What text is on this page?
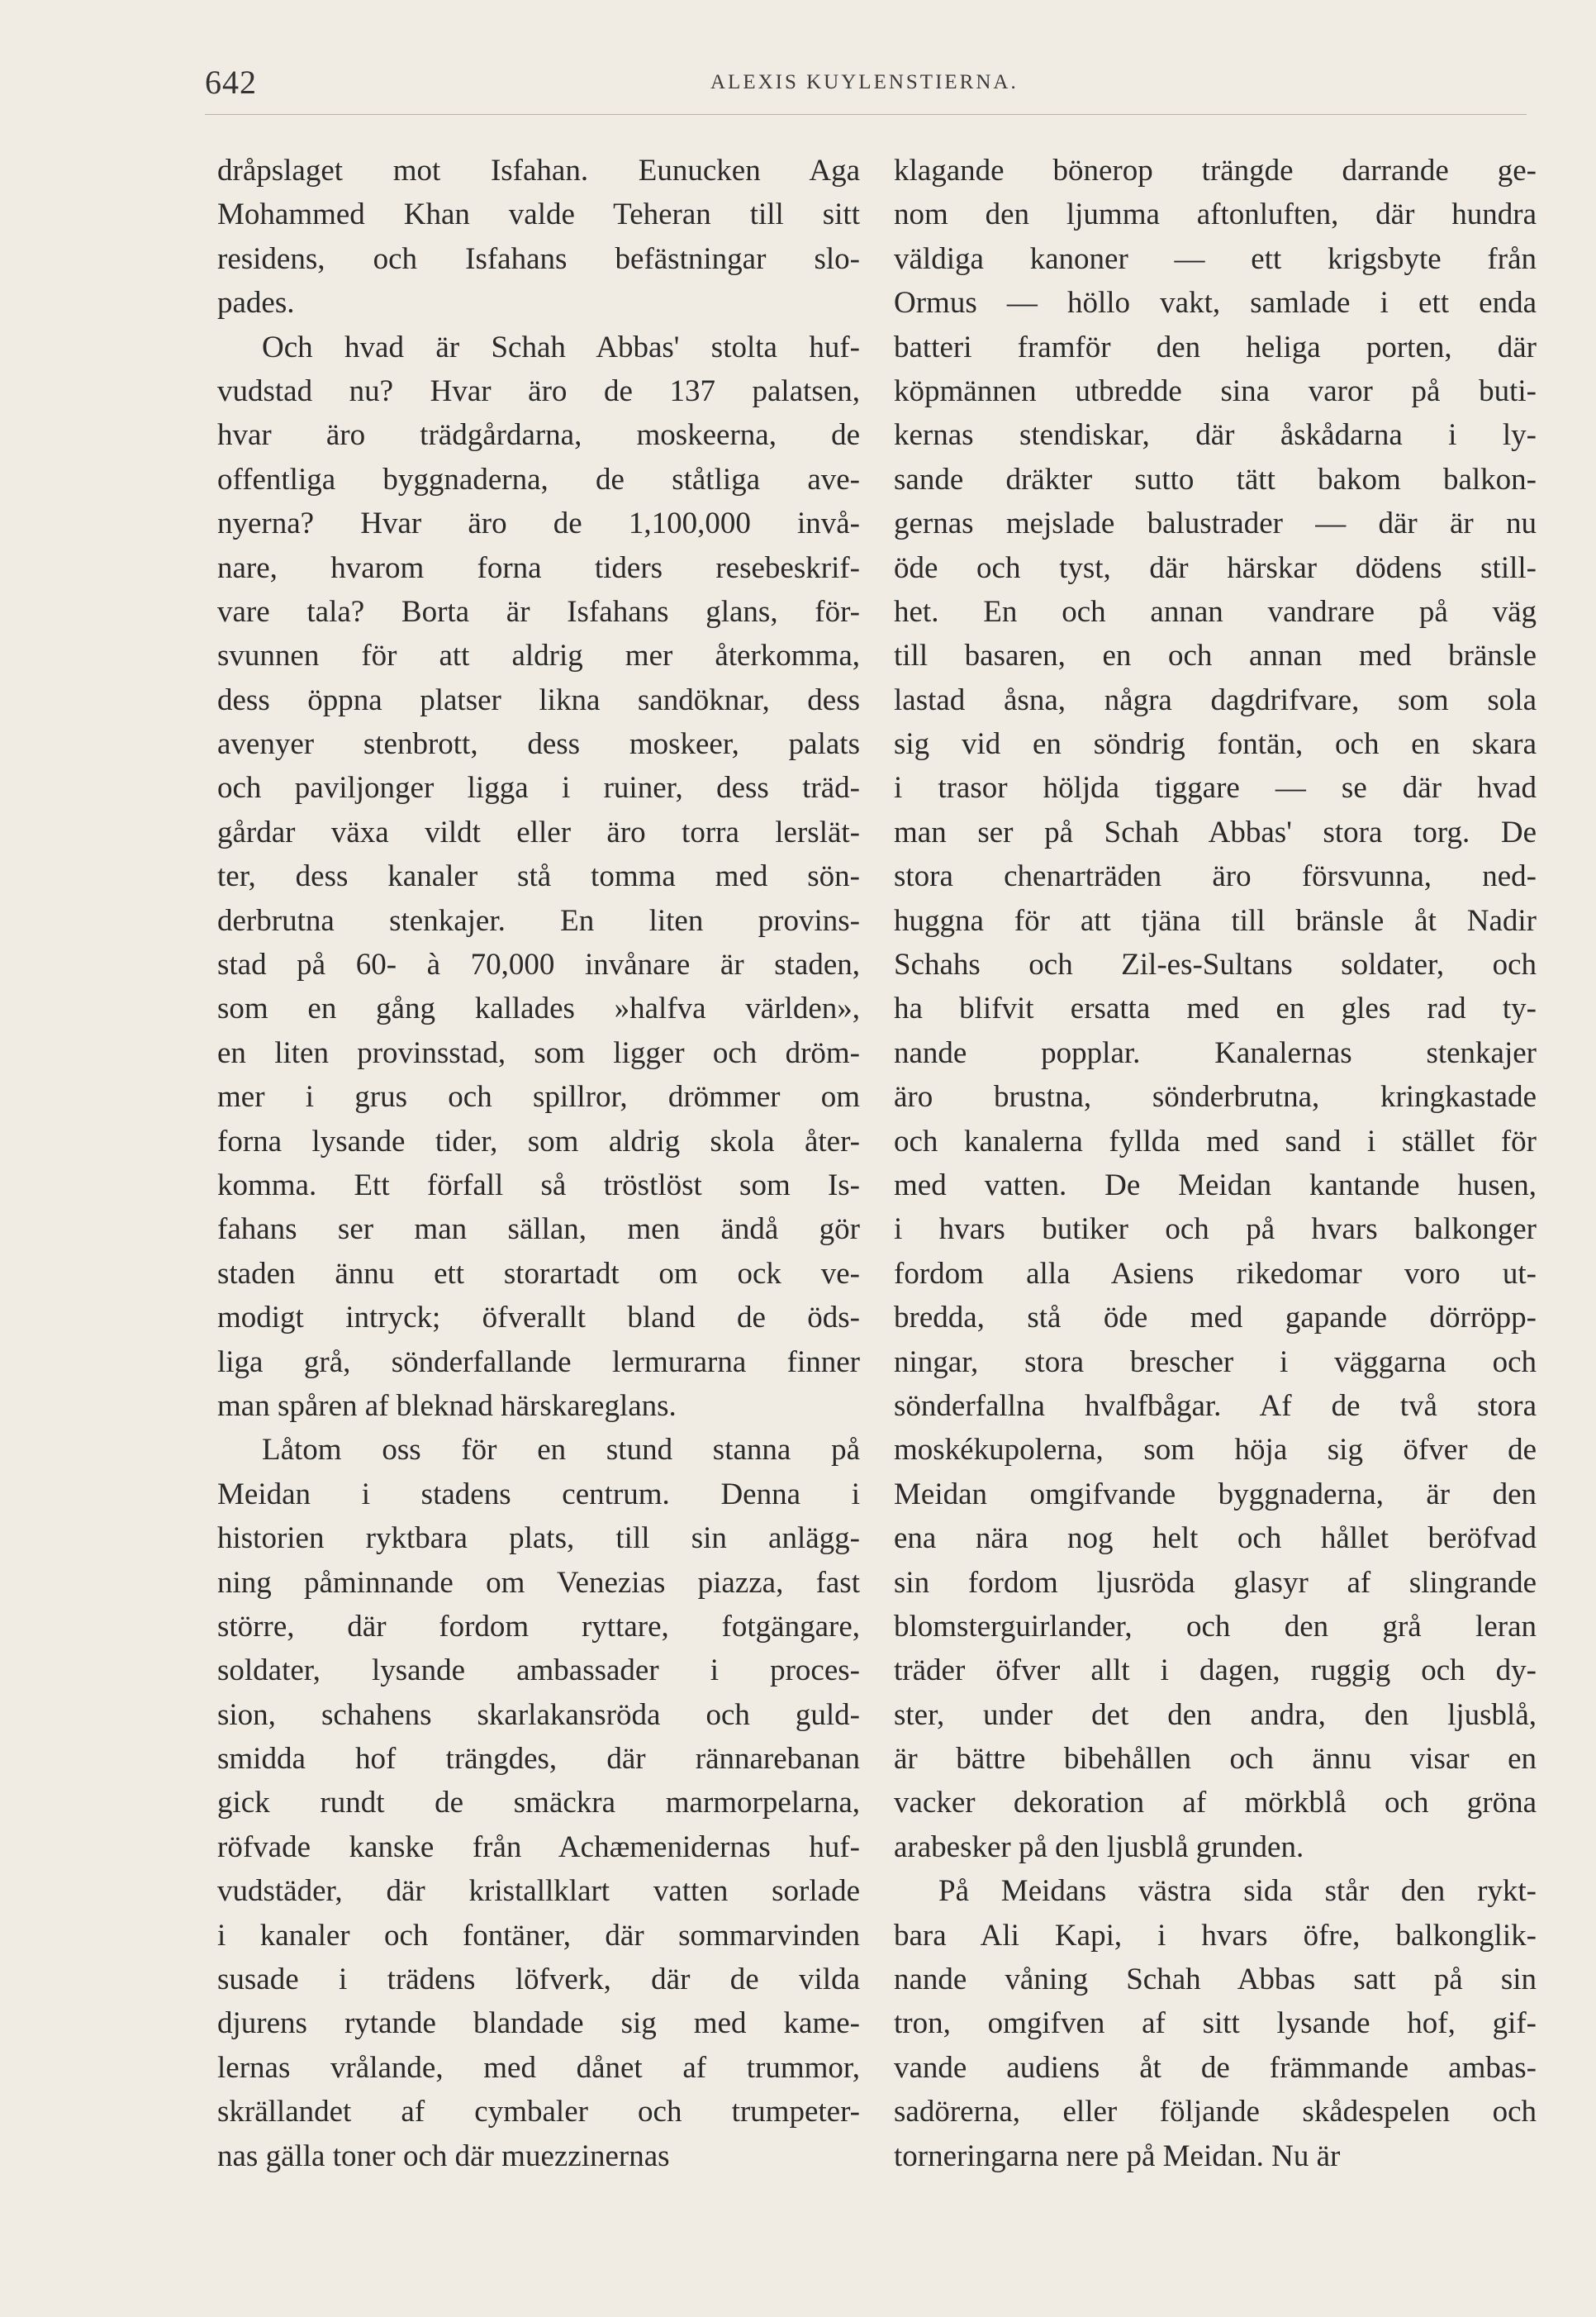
642	ALEXIS KUYLENSTIERNA.
dråpslaget mot Isfahan. Eunucken Aga
Mohammed Khan valde Teheran till sitt
residens, och Isfahans befästningar slo-
pades.
Och hvad är Schah Abbas' stolta huf-
vudstad nu? Hvar äro de 137 palatsen,
hvar äro trädgårdarna, moskeerna, de
offentliga byggnaderna, de ståtliga ave-
nyerna? Hvar äro de 1,100,000 invå-
nare, hvarom forna tiders resebeskrif-
vare tala? Borta är Isfahans glans, för-
svunnen för att aldrig mer återkomma,
dess öppna platser likna sandöknar, dess
avenyer stenbrott, dess moskeer, palats
och paviljonger ligga i ruiner, dess träd-
gårdar växa vildt eller äro torra lerslät-
ter, dess kanaler stå tomma med sön-
derbrutna stenkajer. En liten provins-
stad på 60- à 70,000 invånare är staden,
som en gång kallades »halfva världen»,
en liten provinsstad, som ligger och dröm-
mer i grus och spillror, drömmer om
forna lysande tider, som aldrig skola åter-
komma. Ett förfall så tröstlöst som Is-
fahans ser man sällan, men ändå gör
staden ännu ett storartadt om ock ve-
modigt intryck; öfverallt bland de öds-
liga grå, sönderfallande lermurarna finner
man spåren af bleknad härskareglans.
Låtom oss för en stund stanna på
Meidan i stadens centrum. Denna i
historien ryktbara plats, till sin anlägg-
ning påminnande om Venezias piazza, fast
större, där fordom ryttare, fotgängare,
soldater, lysande ambassader i proces-
sion, schahens skarlakansröda och guld-
smidda hof trängdes, där rännarebanan
gick rundt de smäckra marmorpelarna,
röfvade kanske från Achæmenidernas huf-
vudstäder, där kristallklart vatten sorlade
i kanaler och fontäner, där sommarvinden
susade i trädens löfverk, där de vilda
djurens rytande blandade sig med kame-
lernas vrålande, med dånet af trummor,
skrällandet af cymbaler och trumpeter-
nas gälla toner och där muezzinernas
klagande bönerop trängde darrande ge-
nom den ljumma aftonluften, där hundra
väldiga kanoner — ett krigsbyte från
Ormus — höllo vakt, samlade i ett enda
batteri framför den heliga porten, där
köpmännen utbredde sina varor på buti-
kernas stendiskar, där åskådarna i ly-
sande dräkter sutto tätt bakom balkon-
gernas mejslade balustrader — där är nu
öde och tyst, där härskar dödens still-
het. En och annan vandrare på väg
till basaren, en och annan med bränsle
lastad åsna, några dagdrifvare, som sola
sig vid en söndrig fontän, och en skara
i trasor höljda tiggare — se där hvad
man ser på Schah Abbas' stora torg. De
stora chenarträden äro försvunna, ned-
huggna för att tjäna till bränsle åt Nadir
Schahs och Zil-es-Sultans soldater, och
ha blifvit ersatta med en gles rad ty-
nande popplar. Kanalernas stenkajer
äro brustna, sönderbrutna, kringkastade
och kanalerna fyllda med sand i stället för
med vatten. De Meidan kantande husen,
i hvars butiker och på hvars balkonger
fordom alla Asiens rikedomar voro ut-
bredda, stå öde med gapande dörröpp-
ningar, stora brescher i väggarna och
sönderfallna hvalfbågar. Af de två stora
moskékupolerna, som höja sig öfver de
Meidan omgifvande byggnaderna, är den
ena nära nog helt och hållet beröfvad
sin fordom ljusröda glasyr af slingrande
blomsterguirlander, och den grå leran
träder öfver allt i dagen, ruggig och dy-
ster, under det den andra, den ljusblå,
är bättre bibehållen och ännu visar en
vacker dekoration af mörkblå och gröna
arabesker på den ljusblå grunden.
På Meidans västra sida står den rykt-
bara Ali Kapi, i hvars öfre, balkonglik-
nande våning Schah Abbas satt på sin
tron, omgifven af sitt lysande hof, gif-
vande audiens åt de främmande ambas-
sadörerna, eller följande skådespelen och
torneringarna nere på Meidan. Nu är
